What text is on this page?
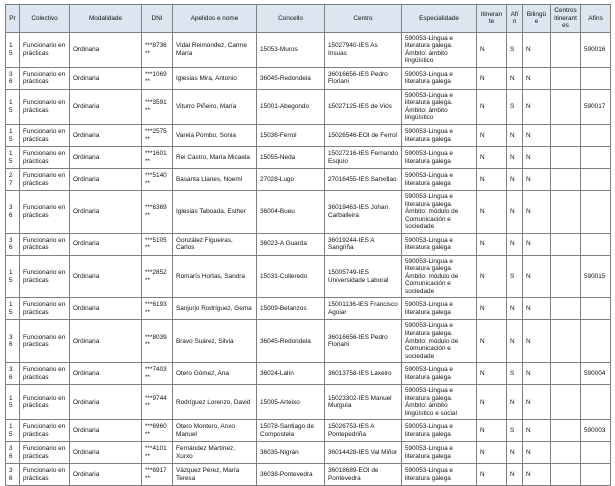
Pr	Colectivo	Modalidade	DNI	Apelidos e nome	Concello	Centro	Especialidade	Itinerante	Afín	Bilingüe	Centros itinerantes	Afíns
15	Funcionario en prácticas	Ordinaria	***8736**	Vidal Reimúndez, Carme María	15053-Muros	15027940-IES As Insuas	590053-Lingua e literatura galega. Ámbito: ámbito lingüístico	N	S	N		590016
36	Funcionario en prácticas	Ordinaria	***1069**	Iglesias Mira, Antonio	36045-Redondela	36016656-IES Pedro Floriani	590053-Lingua e literatura galega	N	N	N		
15	Funcionario en prácticas	Ordinaria	***3591**	Viturro Piñeiro, María	15001-Abegondo	15027125-IES de Viós	590053-Lingua e literatura galega. Ámbito: ámbito lingüístico	N	S	N		590017
15	Funcionario en prácticas	Ordinaria	***2575**	Varela Pombo, Sonia	15036-Ferrol	15026546-EOI de Ferrol	590053-Lingua e literatura galega	N	N	N		
15	Funcionario en prácticas	Ordinaria	***1601**	Rei Castro, María Micaela	15055-Neda	15027216-IES Fernando Esquío	590053-Lingua e literatura galega	N	N	N		
27	Funcionario en prácticas	Ordinaria	***5140**	Basanta Llanes, Noemí	27028-Lugo	27016455-IES Sanxillao	590053-Lingua e literatura galega	N	N	N		
36	Funcionario en prácticas	Ordinaria	***6369**	Iglesias Taboada, Esther	36004-Bueu	36019463-IES Johan Carballeira	590053-Lingua e literatura galega. Ámbito: módulo de Comunicación e sociedade	N	N	N		
36	Funcionario en prácticas	Ordinaria	***5105**	González Figueiras, Carlos	36023-A Guarda	36019244-IES A Sangriña	590053-Lingua e literatura galega	N	N	N		
15	Funcionario en prácticas	Ordinaria	***2852**	Romarís Hortas, Sandra	15031-Culleredo	15005749-IES Universidade Laboral	590053-Lingua e literatura galega. Ámbito: módulo de Comunicación e sociedade	N	S	N		590015
15	Funcionario en prácticas	Ordinaria	***6193**	Sanjurjo Rodríguez, Gema	15009-Betanzos	15001136-IES Francisco Aguiar	590053-Lingua e literatura galega	N	N	N		
36	Funcionario en prácticas	Ordinaria	***8039**	Bravo Suárez, Silvia	36045-Redondela	36016656-IES Pedro Floriani	590053-Lingua e literatura galega. Ámbito: módulo de Comunicación e sociedade	N	N	N		
36	Funcionario en prácticas	Ordinaria	***7403**	Otero Gómez, Ana	36024-Lalín	36013758-IES Laxeiro	590053-Lingua e literatura galega	N	S	N		590004
15	Funcionario en prácticas	Ordinaria	***9744**	Rodríguez Lorenzo, David	15005-Arteixo	15023302-IES Manuel Murguía	590053-Lingua e literatura galega. Ámbito: ámbito lingüístico e social	N	N	N		
15	Funcionario en prácticas	Ordinaria	***6960**	Otero Montero, Anxo Manuel	15078-Santiago de Compostela	15026753-IES A Pontepedriña	590053-Lingua e literatura galega	N	S	N		590003
36	Funcionario en prácticas	Ordinaria	***4101**	Fernández Martínez, Xurxo	36035-Nigrán	36014428-IES Val Miñor	590053-Lingua e literatura galega	N	N	N		
36	Funcionario en prácticas	Ordinaria	***6917**	Vázquez Pérez, María Teresa	36038-Pontevedra	36018689-EOI de Pontevedra	590053-Lingua e literatura galega	N	N	N		
